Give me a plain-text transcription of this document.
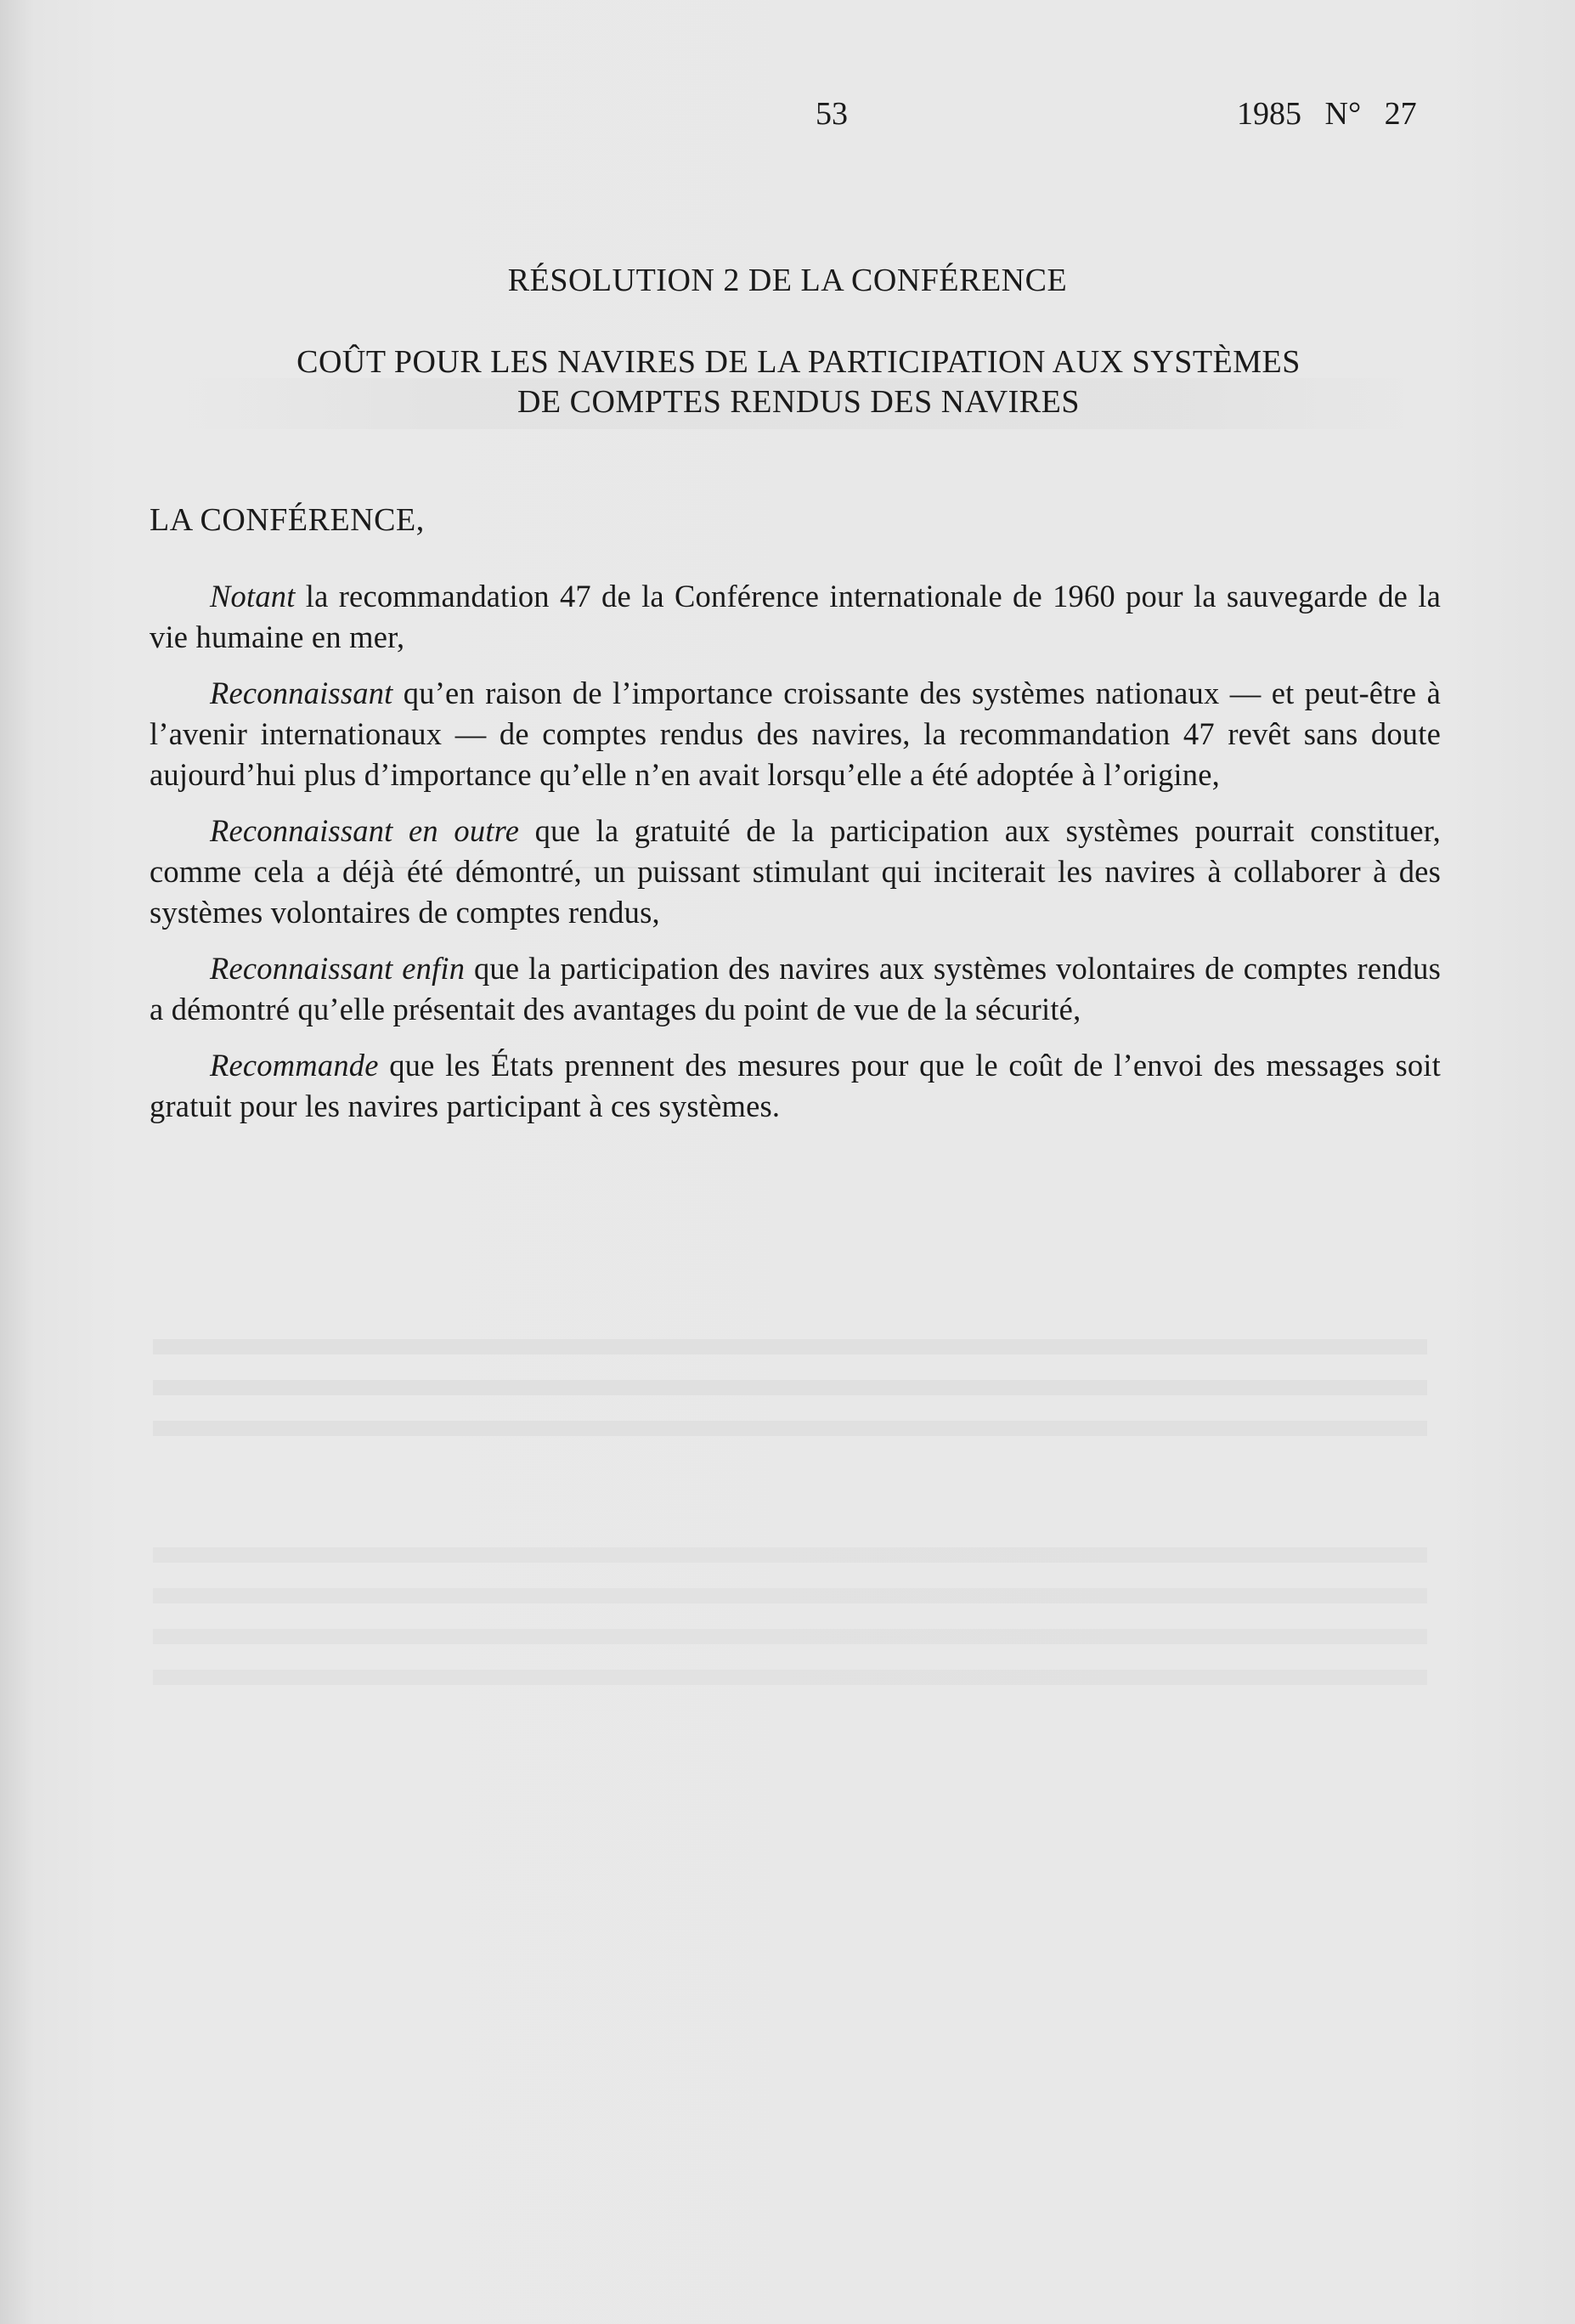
53	1985 N° 27
RÉSOLUTION 2 DE LA CONFÉRENCE
COÛT POUR LES NAVIRES DE LA PARTICIPATION AUX SYSTÈMES
DE COMPTES RENDUS DES NAVIRES
LA CONFÉRENCE,

Notant la recommandation 47 de la Conférence internationale de 1960 pour la sauvegarde de la vie humaine en mer,

Reconnaissant qu’en raison de l’importance croissante des systèmes nationaux — et peut-être à l’avenir internationaux — de comptes rendus des navires, la recommandation 47 revêt sans doute aujourd’hui plus d’importance qu’elle n’en avait lorsqu’elle a été adoptée à l’origine,

Reconnaissant en outre que la gratuité de la participation aux systèmes pourrait constituer, comme cela a déjà été démontré, un puissant stimulant qui inciterait les navires à collaborer à des systèmes volontaires de comptes rendus,

Reconnaissant enfin que la participation des navires aux systèmes volontaires de comptes rendus a démontré qu’elle présentait des avantages du point de vue de la sécurité,

Recommande que les États prennent des mesures pour que le coût de l’envoi des messages soit gratuit pour les navires participant à ces systèmes.
